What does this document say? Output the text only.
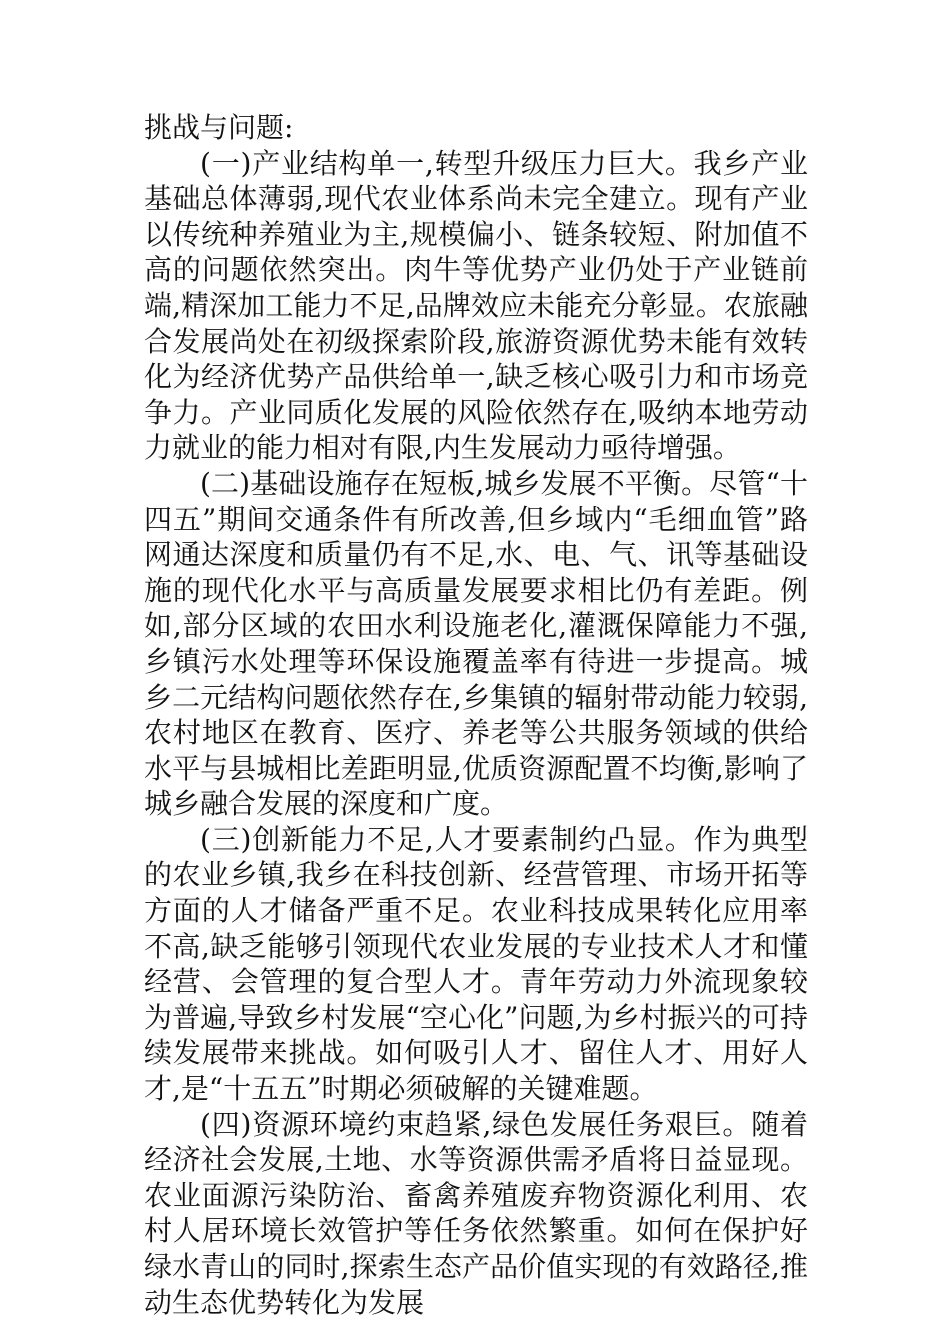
挑战与问题:

(一)产业结构单一,转型升级压力巨大。我乡产业基础总体薄弱,现代农业体系尚未完全建立。现有产业以传统种养殖业为主,规模偏小、链条较短、附加值不高的问题依然突出。肉牛等优势产业仍处于产业链前端,精深加工能力不足,品牌效应未能充分彰显。农旅融合发展尚处在初级探索阶段,旅游资源优势未能有效转化为经济优势产品供给单一,缺乏核心吸引力和市场竞争力。产业同质化发展的风险依然存在,吸纳本地劳动力就业的能力相对有限,内生发展动力亟待增强。

(二)基础设施存在短板,城乡发展不平衡。尽管“十四五”期间交通条件有所改善,但乡域内“毛细血管”路网通达深度和质量仍有不足,水、电、气、讯等基础设施的现代化水平与高质量发展要求相比仍有差距。例如,部分区域的农田水利设施老化,灌溉保障能力不强,乡镇污水处理等环保设施覆盖率有待进一步提高。城乡二元结构问题依然存在,乡集镇的辐射带动能力较弱,农村地区在教育、医疗、养老等公共服务领域的供给水平与县城相比差距明显,优质资源配置不均衡,影响了城乡融合发展的深度和广度。

(三)创新能力不足,人才要素制约凸显。作为典型的农业乡镇,我乡在科技创新、经营管理、市场开拓等方面的人才储备严重不足。农业科技成果转化应用率不高,缺乏能够引领现代农业发展的专业技术人才和懂经营、会管理的复合型人才。青年劳动力外流现象较为普遍,导致乡村发展“空心化”问题,为乡村振兴的可持续发展带来挑战。如何吸引人才、留住人才、用好人才,是“十五五”时期必须破解的关键难题。

(四)资源环境约束趋紧,绿色发展任务艰巨。随着经济社会发展,土地、水等资源供需矛盾将日益显现。农业面源污染防治、畜禽养殖废弃物资源化利用、农村人居环境长效管护等任务依然繁重。如何在保护好绿水青山的同时,探索生态产品价值实现的有效路径,推动生态优势转化为发展
